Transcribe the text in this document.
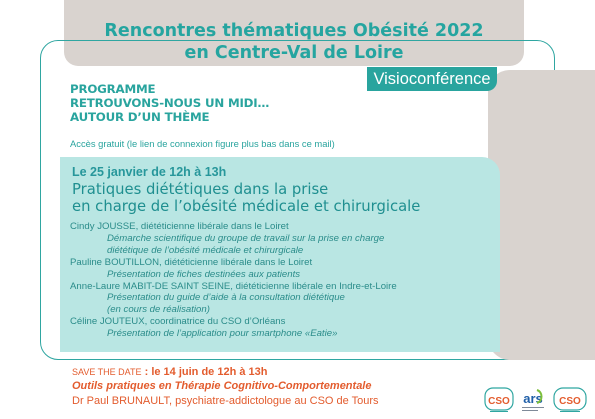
Rencontres thématiques Obésité 2022
en Centre-Val de Loire
Visioconférence
PROGRAMME
RETROUVONS-NOUS UN MIDI…
AUTOUR D’UN THÈME
Accès gratuit (le lien de connexion figure plus bas dans ce mail)
Le 25 janvier de 12h à 13h
Pratiques diététiques dans la prise
en charge de l’obésité médicale et chirurgicale
Cindy JOUSSE, diététicienne libérale dans le Loiret
Démarche scientifique du groupe de travail sur la prise en charge
diététique de l’obésité médicale et chirurgicale
Pauline BOUTILLON, diététicienne libérale dans le Loiret
Présentation de fiches destinées aux patients
Anne-Laure MABIT-DE SAINT SEINE, diététicienne libérale en Indre-et-Loire
Présentation du guide d’aide à la consultation diététique
(en cours de réalisation)
Céline JOUTEUX, coordinatrice du CSO d’Orléans
Présentation de l’application pour smartphone «Eatie»
SAVE THE DATE : le 14 juin de 12h à 13h
Outils pratiques en Thérapie Cognitivo-Comportementale
Dr Paul BRUNAULT, psychiatre-addictologue au CSO de Tours	CSO ars CSO
